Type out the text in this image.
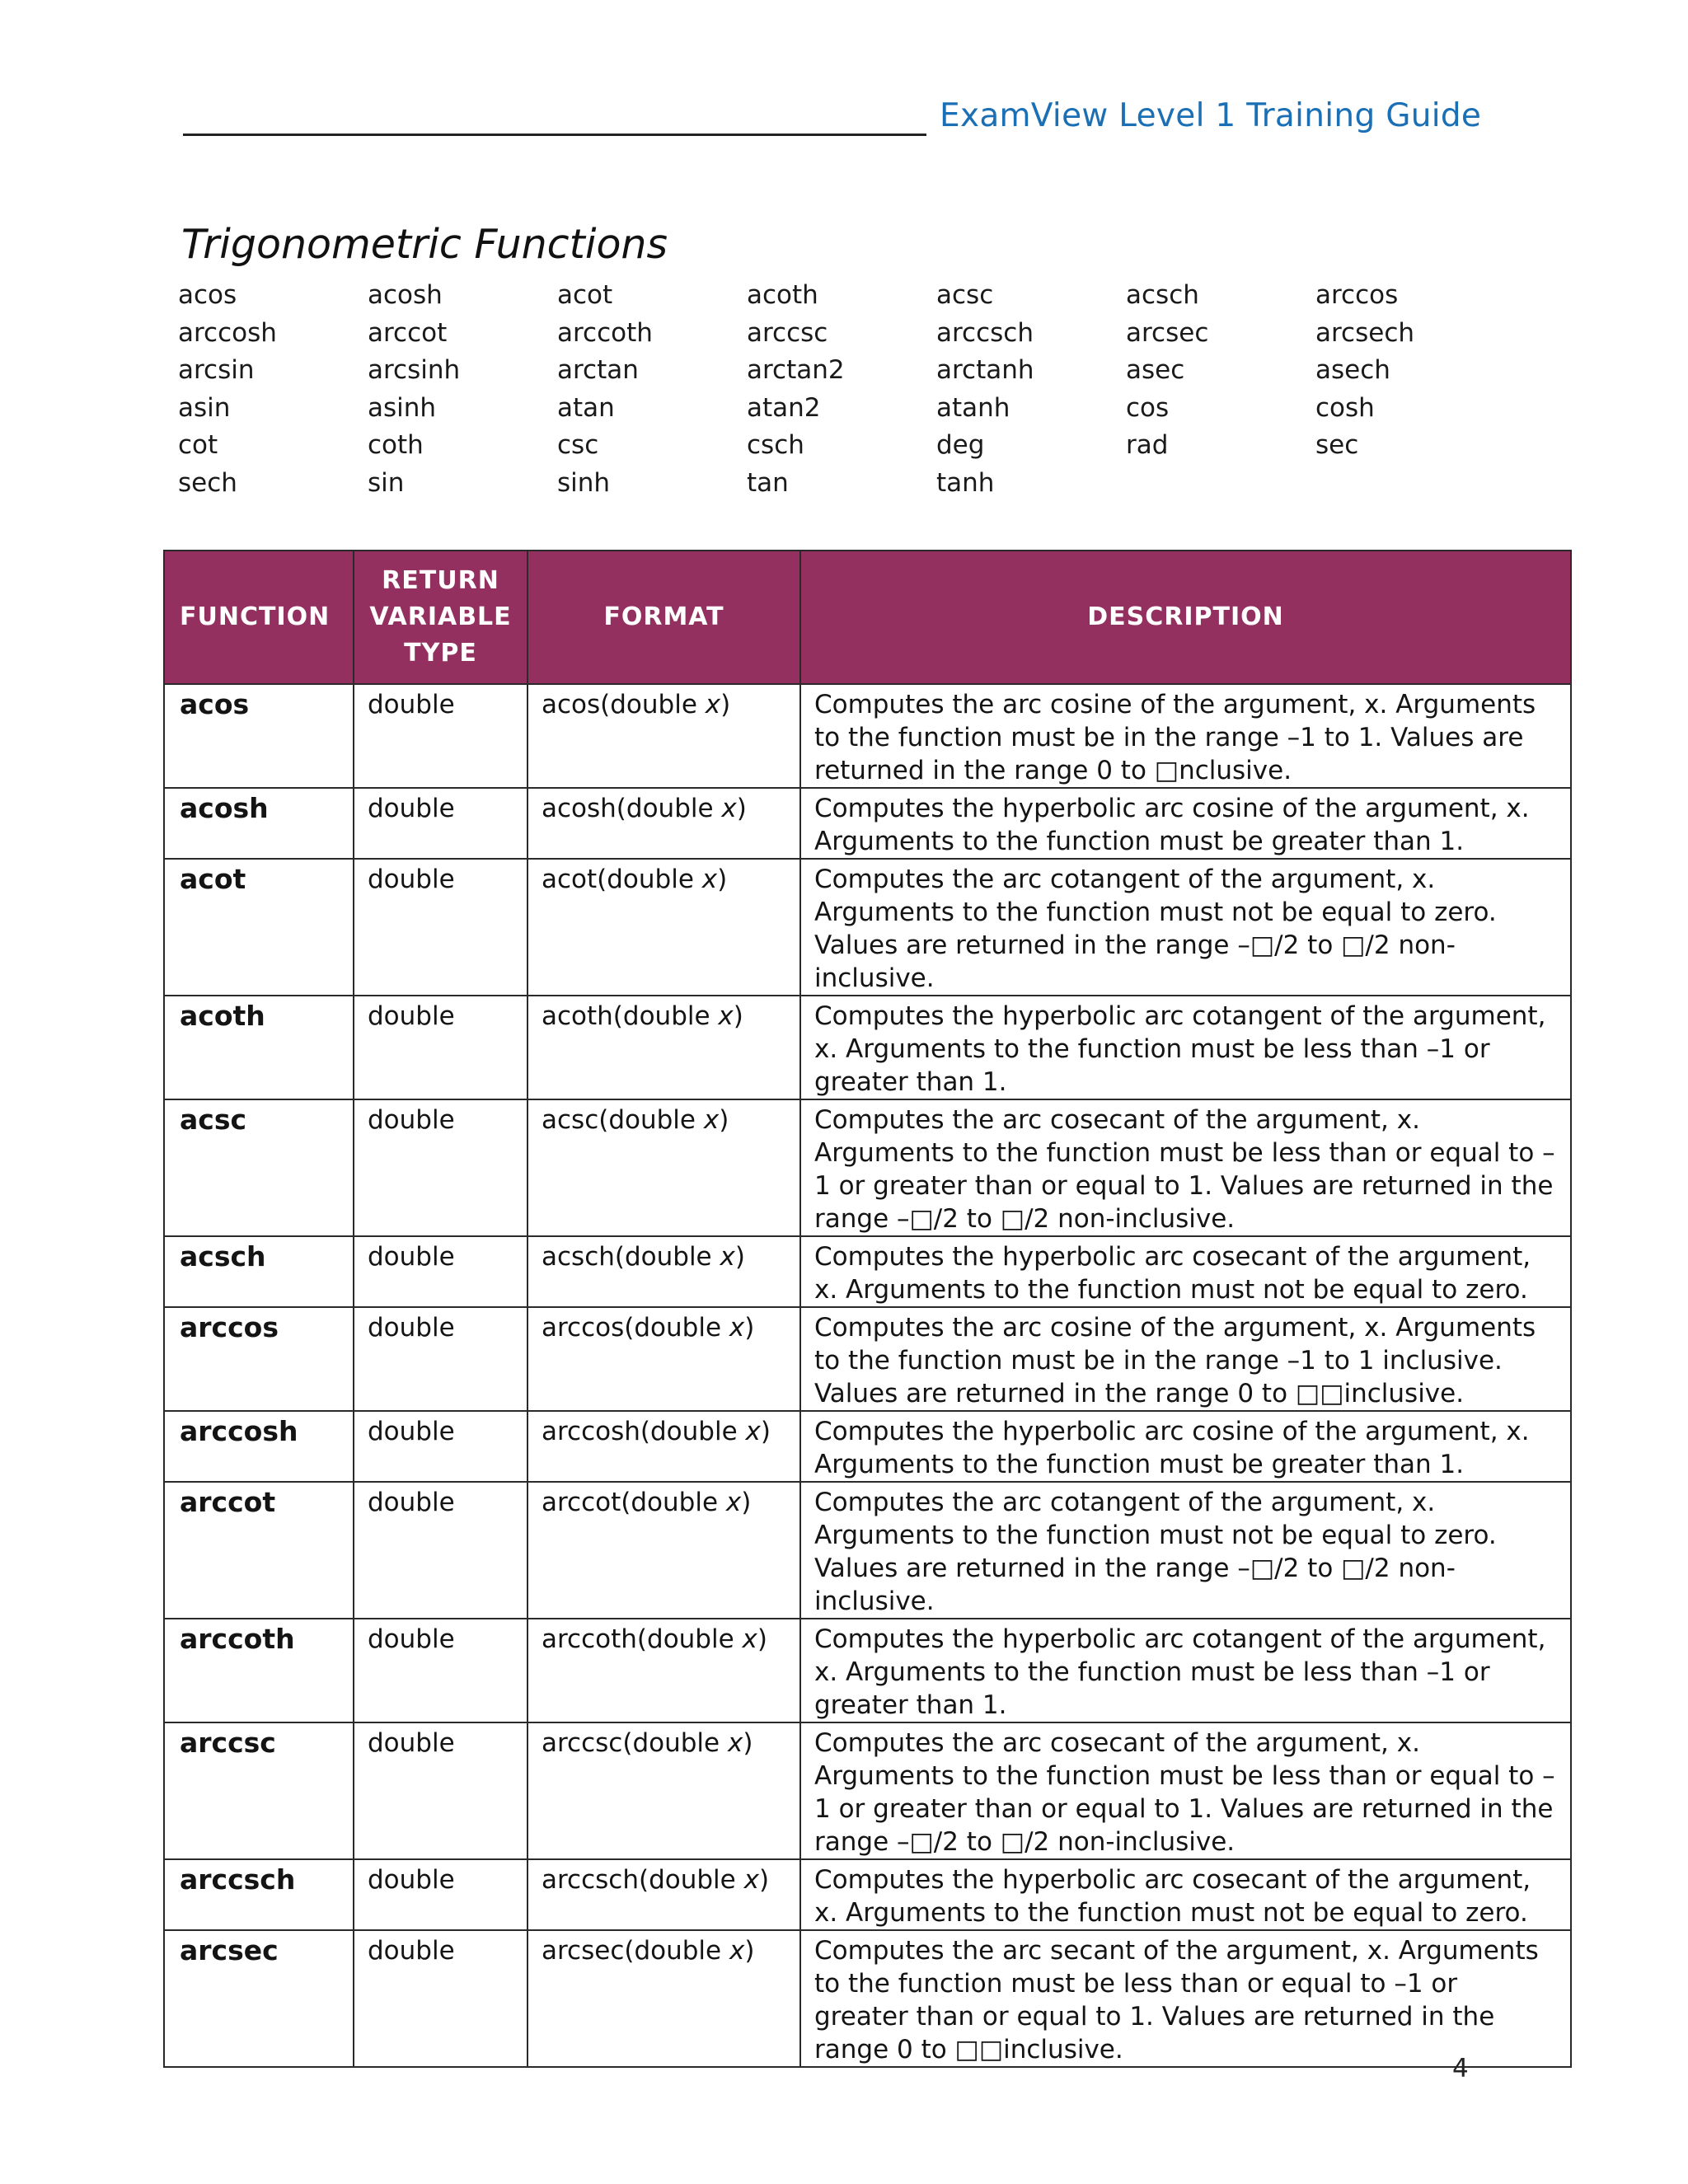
ExamView Level 1 Training Guide
Trigonometric Functions
acos	acosh	acot	acoth	acsc	acsch	arccos
arccosh	arccot	arccoth	arccsc	arccsch	arcsec	arcsech
arcsin	arcsinh	arctan	arctan2	arctanh	asec	asech
asin	asinh	atan	atan2	atanh	cos	cosh
cot	coth	csc	csch	deg	rad	sec
sech	sin	sinh	tan	tanh
FUNCTION	RETURN VARIABLE TYPE	FORMAT	DESCRIPTION
acos	double	acos(double x)	Computes the arc cosine of the argument, x. Arguments to the function must be in the range –1 to 1. Values are returned in the range 0 to □nclusive.
acosh	double	acosh(double x)	Computes the hyperbolic arc cosine of the argument, x. Arguments to the function must be greater than 1.
acot	double	acot(double x)	Computes the arc cotangent of the argument, x. Arguments to the function must not be equal to zero. Values are returned in the range –□/2 to □/2 non-inclusive.
acoth	double	acoth(double x)	Computes the hyperbolic arc cotangent of the argument, x. Arguments to the function must be less than –1 or greater than 1.
acsc	double	acsc(double x)	Computes the arc cosecant of the argument, x. Arguments to the function must be less than or equal to –1 or greater than or equal to 1. Values are returned in the range –□/2 to □/2 non-inclusive.
acsch	double	acsch(double x)	Computes the hyperbolic arc cosecant of the argument, x. Arguments to the function must not be equal to zero.
arccos	double	arccos(double x)	Computes the arc cosine of the argument, x. Arguments to the function must be in the range –1 to 1 inclusive. Values are returned in the range 0 to □□inclusive.
arccosh	double	arccosh(double x)	Computes the hyperbolic arc cosine of the argument, x. Arguments to the function must be greater than 1.
arccot	double	arccot(double x)	Computes the arc cotangent of the argument, x. Arguments to the function must not be equal to zero. Values are returned in the range –□/2 to □/2 non-inclusive.
arccoth	double	arccoth(double x)	Computes the hyperbolic arc cotangent of the argument, x. Arguments to the function must be less than –1 or greater than 1.
arccsc	double	arccsc(double x)	Computes the arc cosecant of the argument, x. Arguments to the function must be less than or equal to –1 or greater than or equal to 1. Values are returned in the range –□/2 to □/2 non-inclusive.
arccsch	double	arccsch(double x)	Computes the hyperbolic arc cosecant of the argument, x. Arguments to the function must not be equal to zero.
arcsec	double	arcsec(double x)	Computes the arc secant of the argument, x. Arguments to the function must be less than or equal to –1 or greater than or equal to 1. Values are returned in the range 0 to □□inclusive.
4
